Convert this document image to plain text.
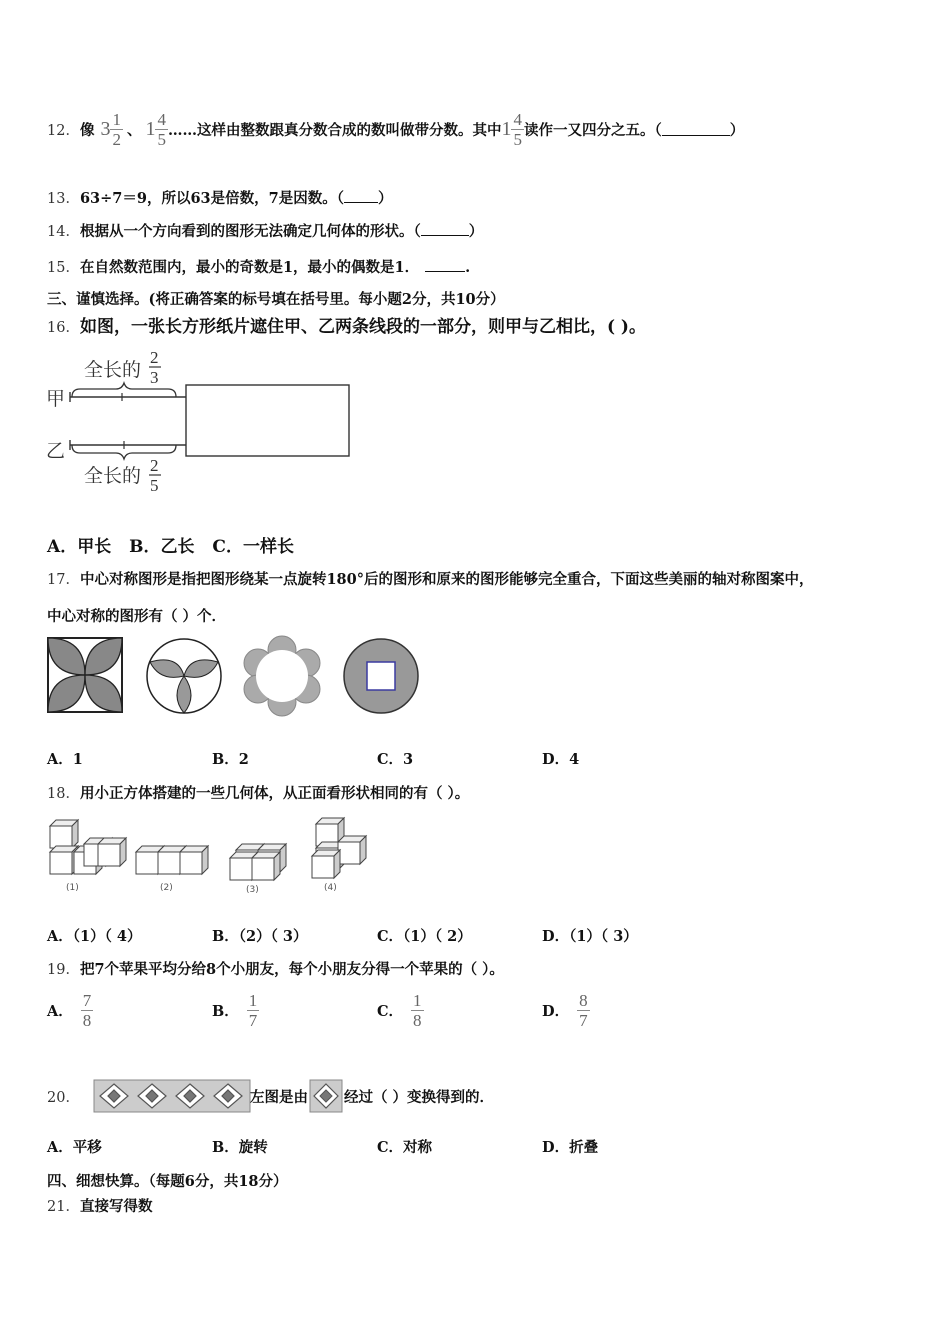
12． 像 $3 \frac{1}{2}$ 、 $1 \frac{4}{5}$ ……这样由整数跟真分数合成的数叫做带分数。其中 $1 \frac{4}{5}$ 读作一又四分之五。（	）
13．63÷7＝9，所以63是倍数，7是因数。（ ）
14．根据从一个方向看到的图形无法确定几何体的形状。（	）
15．在自然数范围内，最小的奇数是1，最小的偶数是1．	.
三、谨慎选择。(将正确答案的标号填在括号里。每小题2分，共10分）
16．如图，一张长方形纸片遮住甲、乙两条线段的一部分，则甲与乙相比，( )。
甲
乙
全长的
2
3
全长的 2
5
A．甲长 B．乙长 C．一样长
17．中心对称图形是指把图形绕某一点旋转180°后的图形和原来的图形能够完全重合，下面这些美丽的轴对称图案中，
中心对称的图形有（ ）个．
A．1	B．2	C．3	D．4
18．用小正方体搭建的一些几何体，从正面看形状相同的有（ ）。
(1)	(2)	(3)	(4)
A．（1）（ 4）	B．（2）（ 3）	C．（1）（ 2）	D．（1）（ 3）
19．把7个苹果平均分给8个小朋友，每个小朋友分得一个苹果的（ ）。
A． $\frac{7}{8}$	B． $\frac{1}{7}$	C． $\frac{1}{8}$	D． $\frac{8}{7}$
20．	左图是由 经过（ ）变换得到的．
A．平移	B．旋转	C．对称	D．折叠
四、细想快算。（每题6分，共18分）
21．直接写得数
